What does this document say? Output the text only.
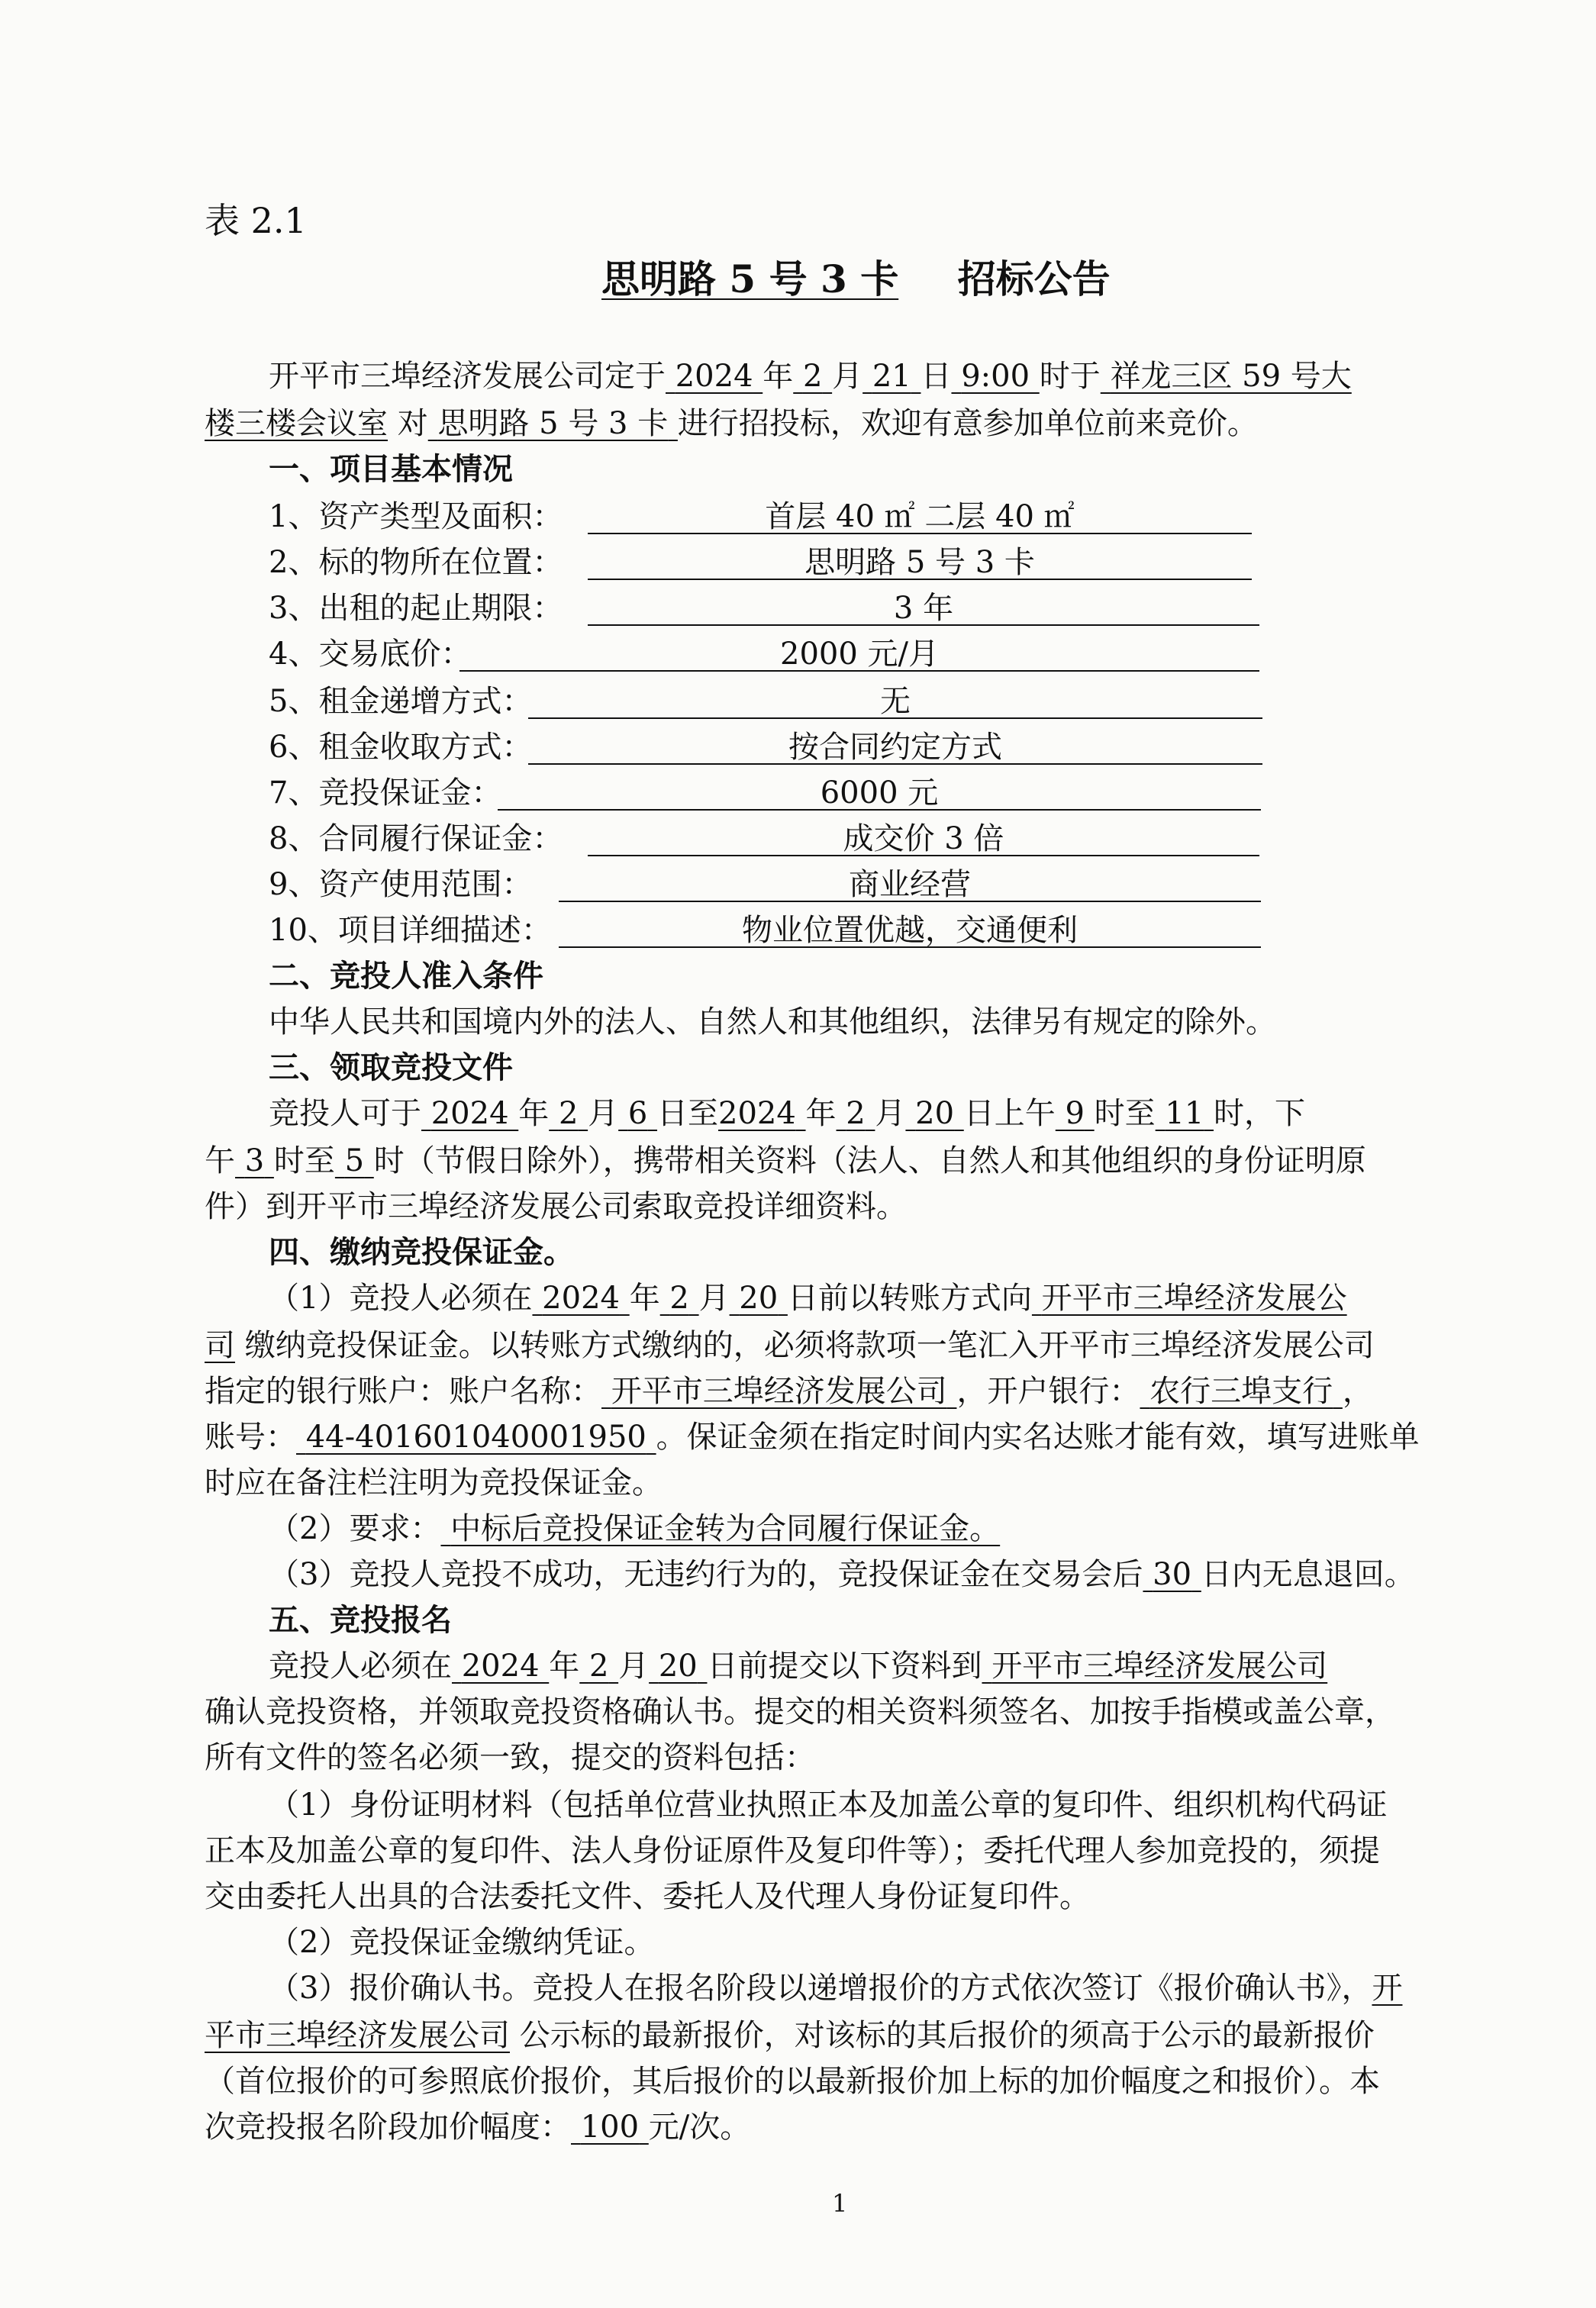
表 2.1
思明路 5 号 3 卡 招标公告
开平市三埠经济发展公司定于 2024 年 2 月 21 日 9:00 时于 祥龙三区 59 号大
楼三楼会议室 对 思明路 5 号 3 卡 进行招投标，欢迎有意参加单位前来竞价。
一、项目基本情况
1、资产类型及面积：	首层 40 ㎡ 二层 40 ㎡
2、标的物所在位置：	思明路 5 号 3 卡
3、出租的起止期限：	3 年
4、交易底价：	2000 元/月
5、租金递增方式：	无
6、租金收取方式：	按合同约定方式
7、竞投保证金：	6000 元
8、合同履行保证金：	成交价 3 倍
9、资产使用范围：	商业经营
10、项目详细描述：	物业位置优越，交通便利
二、竞投人准入条件
中华人民共和国境内外的法人、自然人和其他组织，法律另有规定的除外。
三、领取竞投文件
竞投人可于 2024 年 2 月 6 日至2024 年 2 月 20 日上午 9 时至 11 时，下
午 3 时至 5 时（节假日除外），携带相关资料（法人、自然人和其他组织的身份证明原
件）到开平市三埠经济发展公司索取竞投详细资料。
四、缴纳竞投保证金。
（1）竞投人必须在 2024 年 2 月 20 日前以转账方式向 开平市三埠经济发展公
司 缴纳竞投保证金。以转账方式缴纳的，必须将款项一笔汇入开平市三埠经济发展公司
指定的银行账户：账户名称： 开平市三埠经济发展公司 ，开户银行： 农行三埠支行 ，
账号： 44-401601040001950 。保证金须在指定时间内实名达账才能有效，填写进账单
时应在备注栏注明为竞投保证金。
（2）要求： 中标后竞投保证金转为合同履行保证金。
（3）竞投人竞投不成功，无违约行为的，竞投保证金在交易会后 30 日内无息退回。
五、竞投报名
竞投人必须在 2024 年 2 月 20 日前提交以下资料到 开平市三埠经济发展公司
确认竞投资格，并领取竞投资格确认书。提交的相关资料须签名、加按手指模或盖公章，
所有文件的签名必须一致，提交的资料包括：
（1）身份证明材料（包括单位营业执照正本及加盖公章的复印件、组织机构代码证
正本及加盖公章的复印件、法人身份证原件及复印件等）；委托代理人参加竞投的，须提
交由委托人出具的合法委托文件、委托人及代理人身份证复印件。
（2）竞投保证金缴纳凭证。
（3）报价确认书。竞投人在报名阶段以递增报价的方式依次签订《报价确认书》，开
平市三埠经济发展公司 公示标的最新报价，对该标的其后报价的须高于公示的最新报价
（首位报价的可参照底价报价，其后报价的以最新报价加上标的加价幅度之和报价）。本
次竞投报名阶段加价幅度： 100 元/次。
1
